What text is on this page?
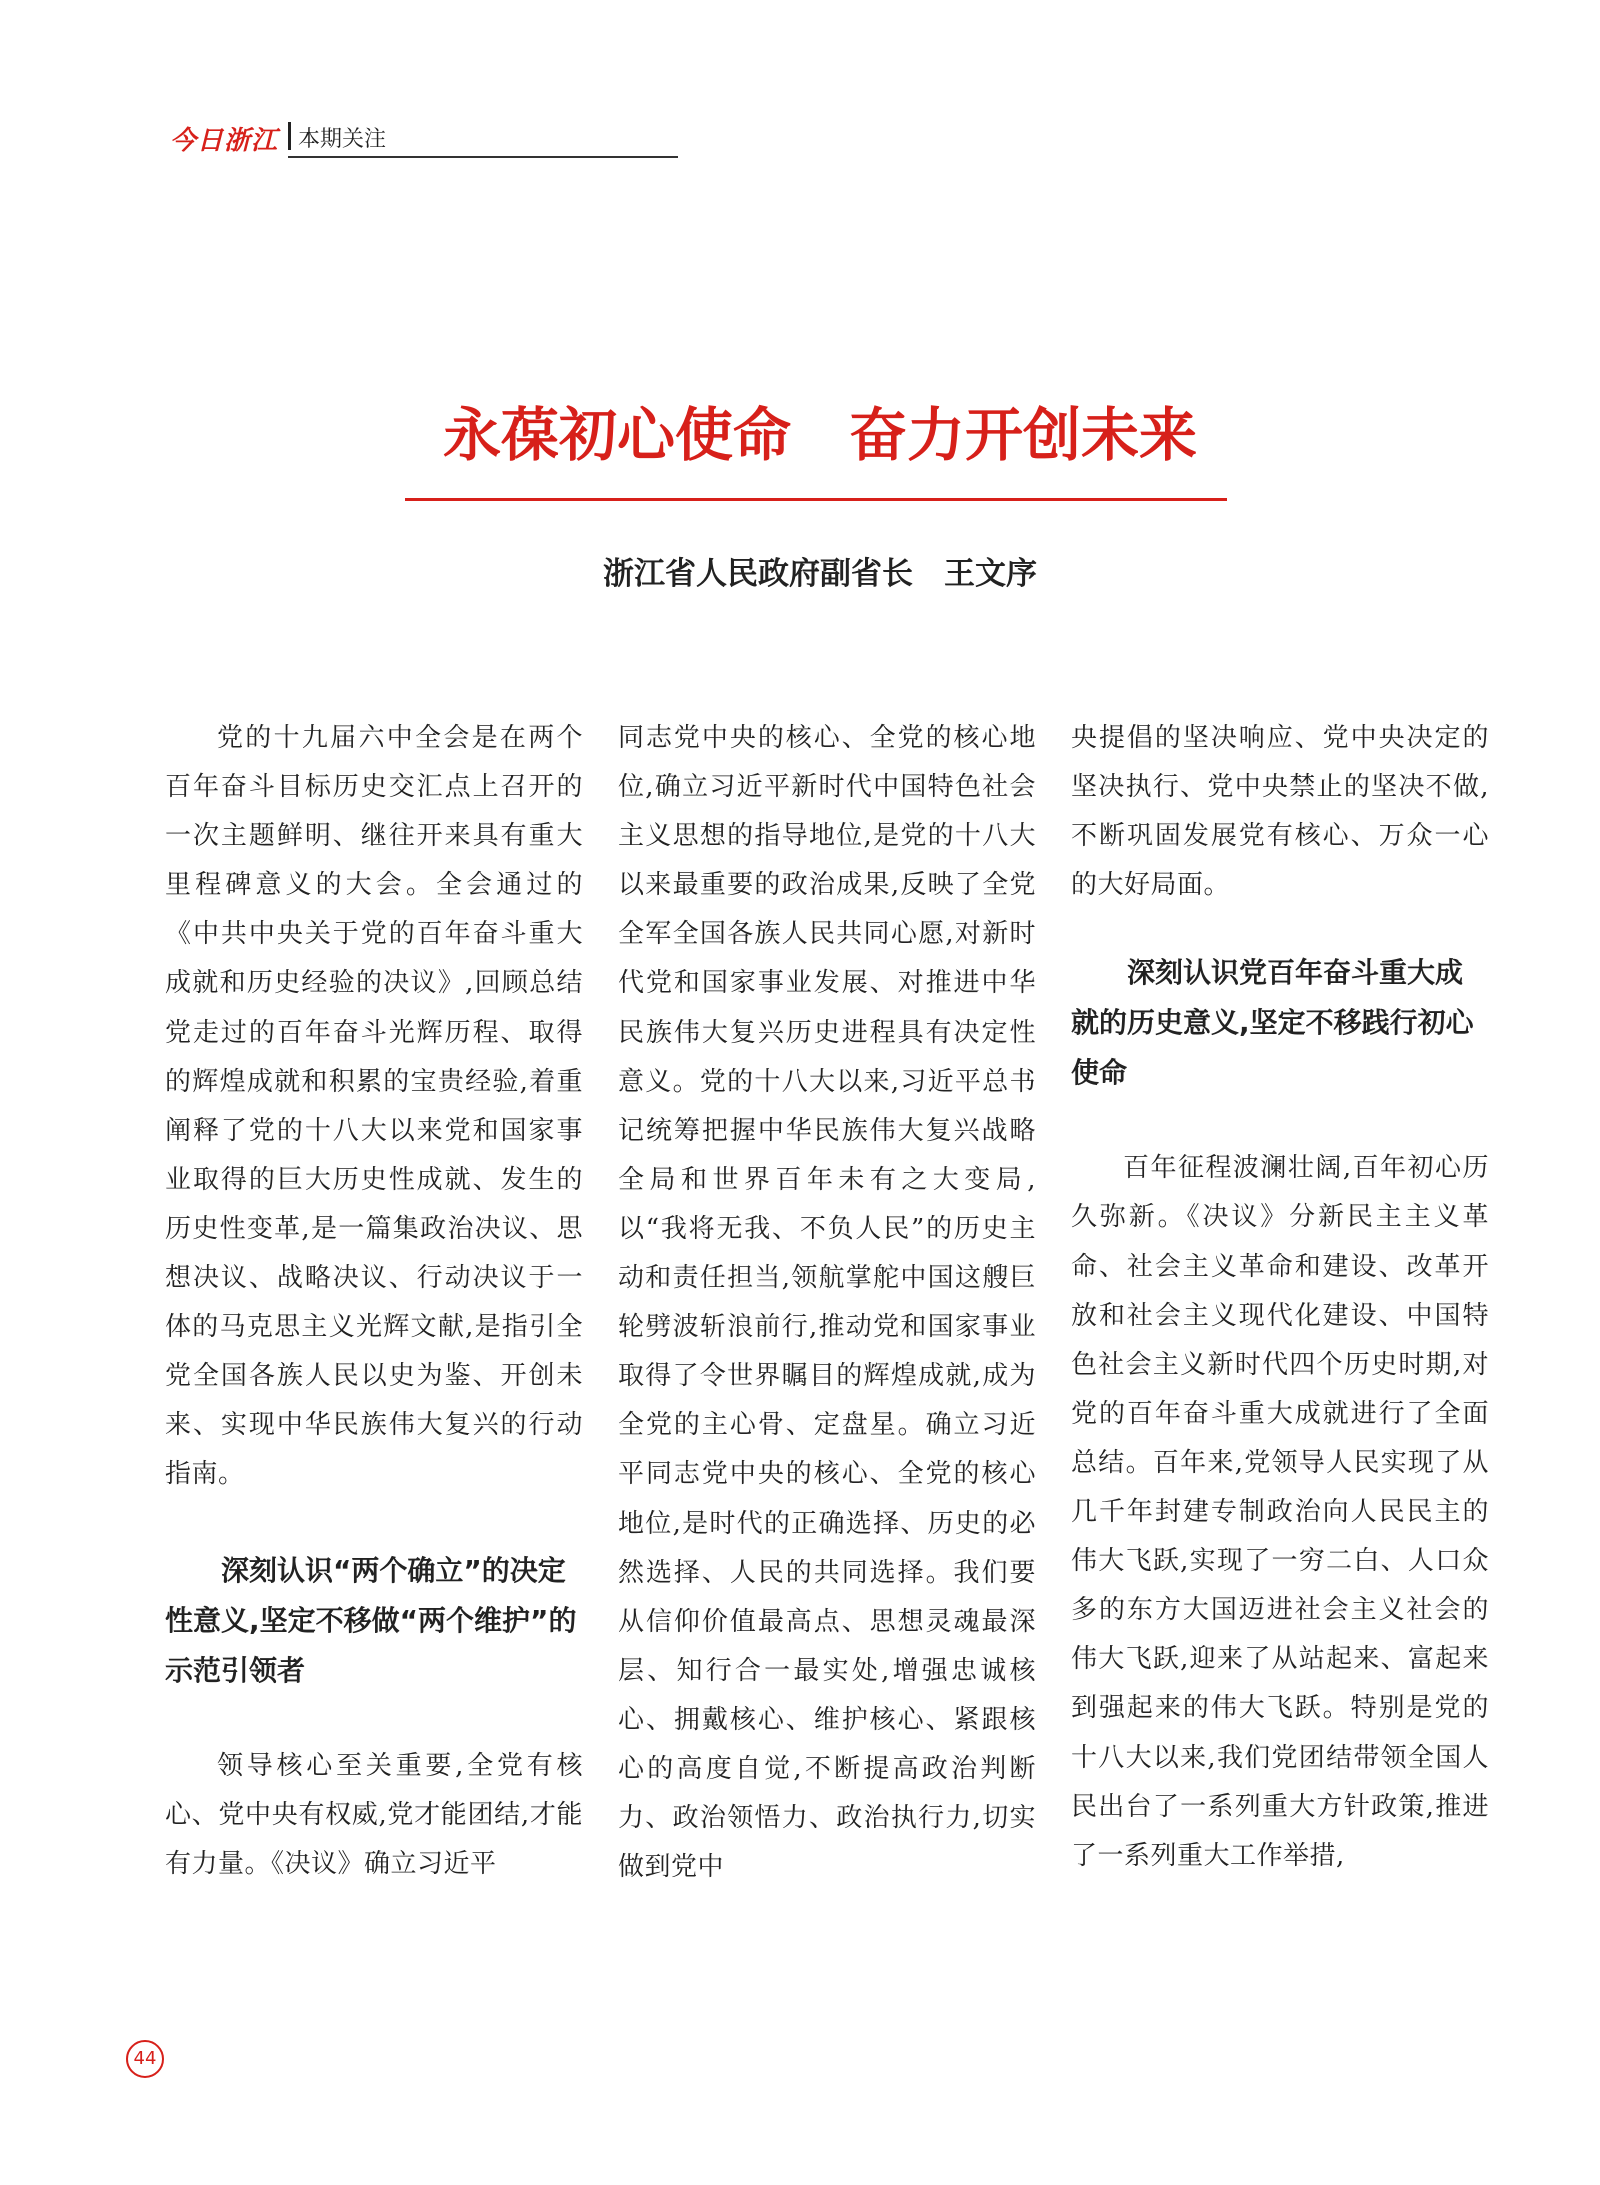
今日浙江 本期关注
永葆初心使命　奋力开创未来
浙江省人民政府副省长　王文序

党的十九届六中全会是在两个百年奋斗目标历史交汇点上召开的一次主题鲜明、继往开来具有重大里程碑意义的大会。全会通过的《中共中央关于党的百年奋斗重大成就和历史经验的决议》,回顾总结党走过的百年奋斗光辉历程、取得的辉煌成就和积累的宝贵经验,着重阐释了党的十八大以来党和国家事业取得的巨大历史性成就、发生的历史性变革,是一篇集政治决议、思想决议、战略决议、行动决议于一体的马克思主义光辉文献,是指引全党全国各族人民以史为鉴、开创未来、实现中华民族伟大复兴的行动指南。

深刻认识“两个确立”的决定性意义,坚定不移做“两个维护”的示范引领者

领导核心至关重要,全党有核心、党中央有权威,党才能团结,才能有力量。《决议》确立习近平

同志党中央的核心、全党的核心地位,确立习近平新时代中国特色社会主义思想的指导地位,是党的十八大以来最重要的政治成果,反映了全党全军全国各族人民共同心愿,对新时代党和国家事业发展、对推进中华民族伟大复兴历史进程具有决定性意义。党的十八大以来,习近平总书记统筹把握中华民族伟大复兴战略全局和世界百年未有之大变局,以“我将无我、不负人民”的历史主动和责任担当,领航掌舵中国这艘巨轮劈波斩浪前行,推动党和国家事业取得了令世界瞩目的辉煌成就,成为全党的主心骨、定盘星。确立习近平同志党中央的核心、全党的核心地位,是时代的正确选择、历史的必然选择、人民的共同选择。我们要从信仰价值最高点、思想灵魂最深层、知行合一最实处,增强忠诚核心、拥戴核心、维护核心、紧跟核心的高度自觉,不断提高政治判断力、政治领悟力、政治执行力,切实做到党中

央提倡的坚决响应、党中央决定的坚决执行、党中央禁止的坚决不做,不断巩固发展党有核心、万众一心的大好局面。

深刻认识党百年奋斗重大成就的历史意义,坚定不移践行初心使命

百年征程波澜壮阔,百年初心历久弥新。《决议》分新民主主义革命、社会主义革命和建设、改革开放和社会主义现代化建设、中国特色社会主义新时代四个历史时期,对党的百年奋斗重大成就进行了全面总结。百年来,党领导人民实现了从几千年封建专制政治向人民民主的伟大飞跃,实现了一穷二白、人口众多的东方大国迈进社会主义社会的伟大飞跃,迎来了从站起来、富起来到强起来的伟大飞跃。特别是党的十八大以来,我们党团结带领全国人民出台了一系列重大方针政策,推进了一系列重大工作举措,

44
